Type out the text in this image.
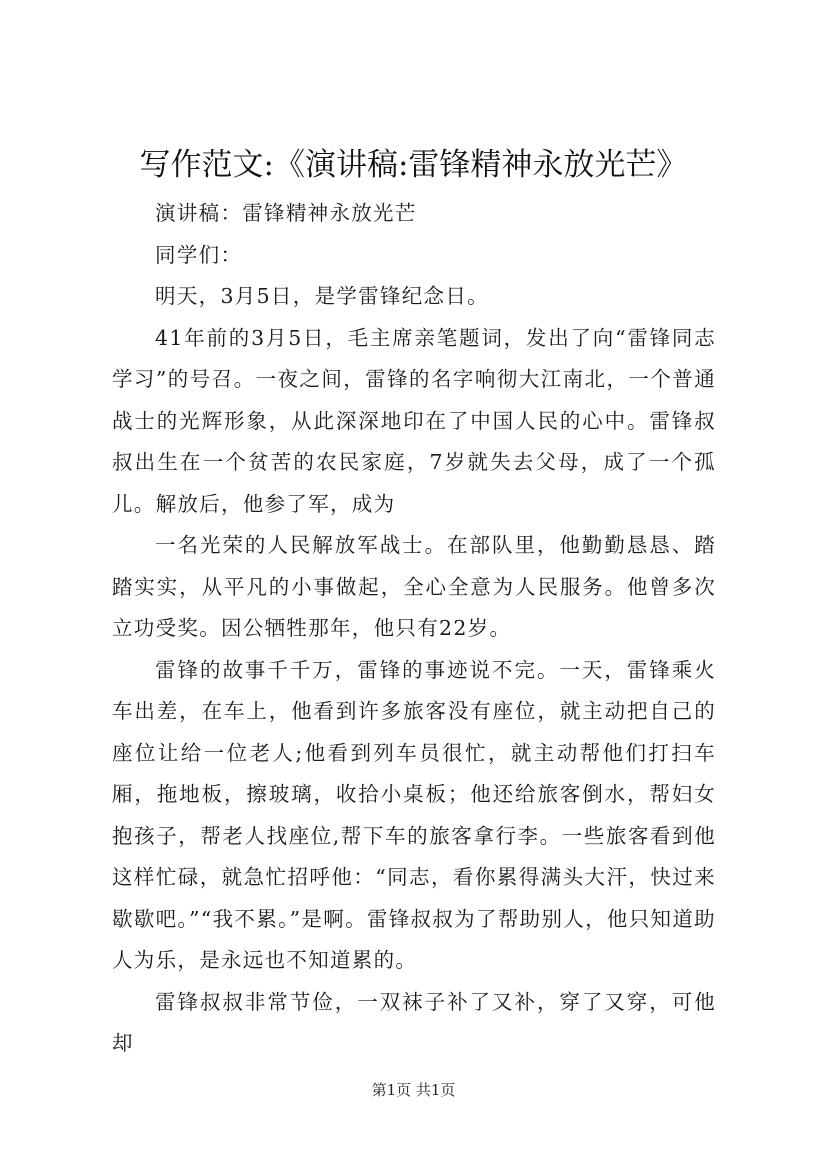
写作范文:《演讲稿:雷锋精神永放光芒》

演讲稿：雷锋精神永放光芒

同学们：

明天，3月5日，是学雷锋纪念日。

41年前的3月5日，毛主席亲笔题词，发出了向“雷锋同志学习”的号召。一夜之间，雷锋的名字响彻大江南北，一个普通战士的光辉形象，从此深深地印在了中国人民的心中。雷锋叔叔出生在一个贫苦的农民家庭，7岁就失去父母，成了一个孤儿。解放后，他参了军，成为

一名光荣的人民解放军战士。在部队里，他勤勤恳恳、踏踏实实，从平凡的小事做起，全心全意为人民服务。他曾多次立功受奖。因公牺牲那年，他只有22岁。

雷锋的故事千千万，雷锋的事迹说不完。一天，雷锋乘火车出差，在车上，他看到许多旅客没有座位，就主动把自己的座位让给一位老人;他看到列车员很忙，就主动帮他们打扫车厢，拖地板，擦玻璃，收拾小桌板；他还给旅客倒水，帮妇女抱孩子，帮老人找座位,帮下车的旅客拿行李。一些旅客看到他这样忙碌，就急忙招呼他：“同志，看你累得满头大汗，快过来歇歇吧。”“我不累。”是啊。雷锋叔叔为了帮助别人，他只知道助人为乐，是永远也不知道累的。

雷锋叔叔非常节俭，一双袜子补了又补，穿了又穿，可他却

第1页 共1页
